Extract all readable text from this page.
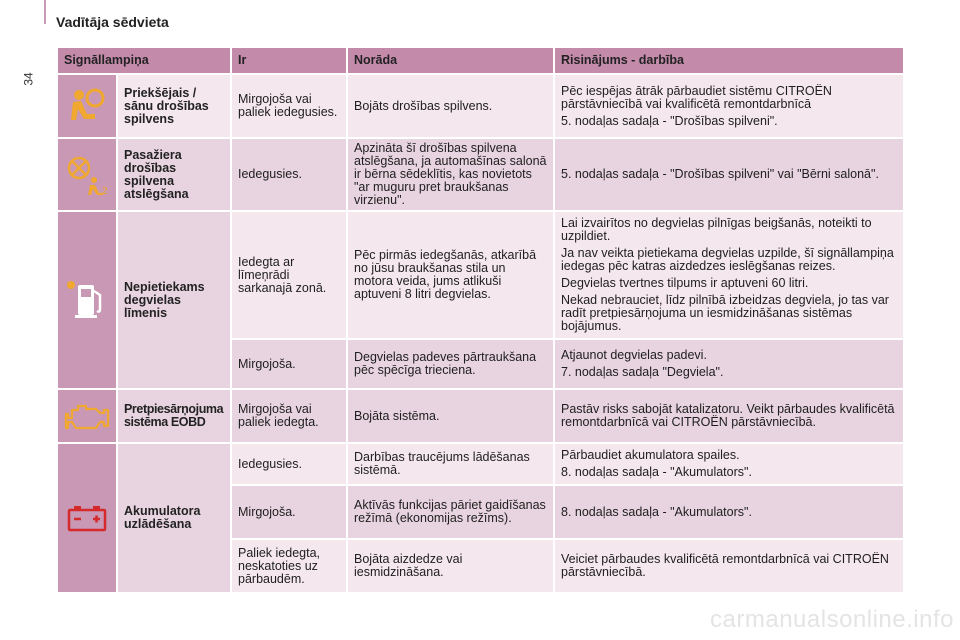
34
Vadītāja sēdvieta
Signāllampiņa		Ir	Norāda	Risinājums - darbība

	Priekšējais / sānu drošības spilvens	Mirgojoša vai paliek iedegusies.	Bojāts drošības spilvens.	Pēc iespējas ātrāk pārbaudiet sistēmu CITROËN pārstāvniecībā vai kvalificētā remontdarbnīcā
5. nodaļas sadaļa - "Drošības spilveni".

2	Pasažiera drošības spilvena atslēgšana	Iedegusies.	Apzināta šī drošības spilvena atslēgšana, ja automašīnas salonā ir bērna sēdeklītis, kas novietots "ar muguru pret braukšanas virzienu".	5. nodaļas sadaļa - "Drošības spilveni" vai "Bērni salonā".

	Nepietiekams degvielas līmenis	Iedegta ar līmeņrādi sarkanajā zonā.	Pēc pirmās iedegšanās, atkarībā no jūsu braukšanas stila un motora veida, jums atlikuši aptuveni 8 litri degvielas.	Lai izvairītos no degvielas pilnīgas beigšanās, noteikti to uzpildiet.
Ja nav veikta pietiekama degvielas uzpilde, šī signāllampiņa iedegas pēc katras aizdedzes ieslēgšanas reizes.
Degvielas tvertnes tilpums ir aptuveni 60 litri.
Nekad nebrauciet, līdz pilnībā izbeidzas degviela, jo tas var radīt pretpiesārņojuma un iesmidzināšanas sistēmas bojājumus.

		Mirgojoša.	Degvielas padeves pārtraukšana pēc spēcīga trieciena.	Atjaunot degvielas padevi.
7. nodaļas sadaļa "Degviela".

	Pretpiesārņojuma sistēma EOBD	Mirgojoša vai paliek iedegta.	Bojāta sistēma.	Pastāv risks sabojāt katalizatoru. Veikt pārbaudes kvalificētā remontdarbnīcā vai CITROËN pārstāvniecībā.

	Akumulatora uzlādēšana	Iedegusies.	Darbības traucējums lādēšanas sistēmā.	Pārbaudiet akumulatora spailes.
8. nodaļas sadaļa - "Akumulators".

		Mirgojoša.	Aktīvās funkcijas pāriet gaidīšanas režīmā (ekonomijas režīms).	8. nodaļas sadaļa - "Akumulators".

		Paliek iedegta, neskatoties uz pārbaudēm.	Bojāta aizdedze vai iesmidzināšana.	Veiciet pārbaudes kvalificētā remontdarbnīcā vai CITROËN pārstāvniecībā.
carmanualsonline.info
